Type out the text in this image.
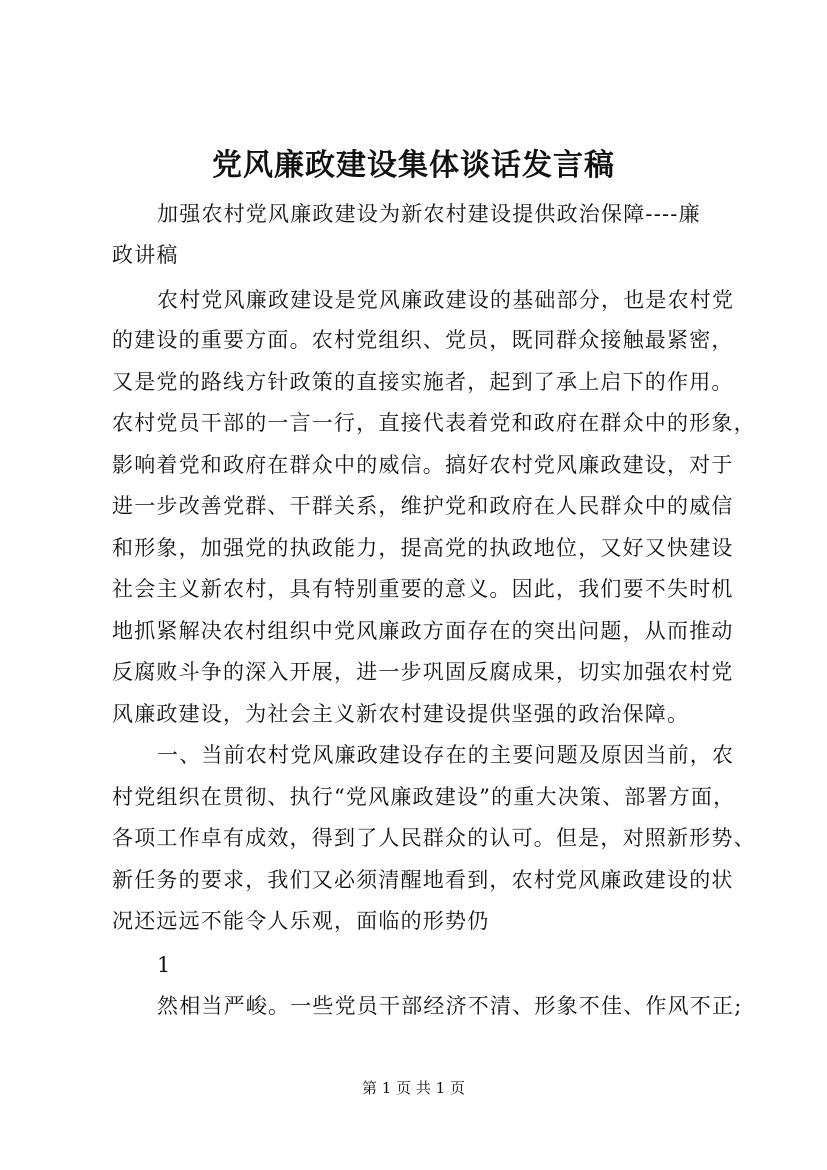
党风廉政建设集体谈话发言稿
加强农村党风廉政建设为新农村建设提供政治保障----廉
政讲稿
农村党风廉政建设是党风廉政建设的基础部分，也是农村党
的建设的重要方面。农村党组织、党员，既同群众接触最紧密，
又是党的路线方针政策的直接实施者，起到了承上启下的作用。
农村党员干部的一言一行，直接代表着党和政府在群众中的形象，
影响着党和政府在群众中的威信。搞好农村党风廉政建设，对于
进一步改善党群、干群关系，维护党和政府在人民群众中的威信
和形象，加强党的执政能力，提高党的执政地位，又好又快建设
社会主义新农村，具有特别重要的意义。因此，我们要不失时机
地抓紧解决农村组织中党风廉政方面存在的突出问题，从而推动
反腐败斗争的深入开展，进一步巩固反腐成果，切实加强农村党
风廉政建设，为社会主义新农村建设提供坚强的政治保障。
一、当前农村党风廉政建设存在的主要问题及原因当前，农
村党组织在贯彻、执行“党风廉政建设”的重大决策、部署方面，
各项工作卓有成效，得到了人民群众的认可。但是，对照新形势、
新任务的要求，我们又必须清醒地看到，农村党风廉政建设的状
况还远远不能令人乐观，面临的形势仍
1
然相当严峻。一些党员干部经济不清、形象不佳、作风不正;
第 1 页 共 1 页
